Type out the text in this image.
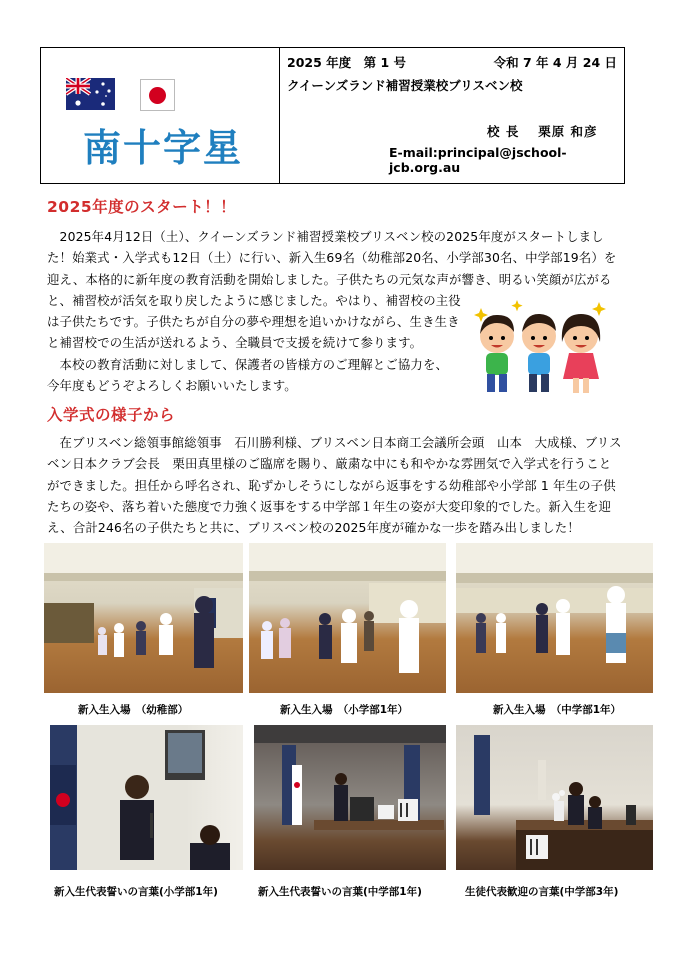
南十字星
2025 年度　第 1 号	令和 7 年 4 月 24 日
クイーンズランド補習授業校ブリスベン校
校 長　 栗原 和彦
E-mail:principal@jschool-jcb.org.au
2025年度のスタート！！

　2025年4月12日（土）、クイーンズランド補習授業校ブリスベン校の2025年度がスタートしまし

た！始業式・入学式も12日（土）に行い、新入生69名（幼稚部20名、小学部30名、中学部19名）を

迎え、本格的に新年度の教育活動を開始しました。子供たちの元気な声が響き、明るい笑顔が広がる

と、補習校が活気を取り戻したように感じました。やはり、補習校の主役

は子供たちです。子供たちが自分の夢や理想を追いかけながら、生き生き

と補習校での生活が送れるよう、全職員で支援を続けて参ります。

　本校の教育活動に対しまして、保護者の皆様方のご理解とご協力を、

今年度もどうぞよろしくお願いいたします。

入学式の様子から

　在ブリスベン総領事館総領事　石川勝利様、ブリスベン日本商工会議所会頭　山本　大成様、ブリス

ベン日本クラブ会長　栗田真里様のご臨席を賜り、厳粛な中にも和やかな雰囲気で入学式を行うこと

ができました。担任から呼名され、恥ずかしそうにしながら返事をする幼稚部や小学部 1 年生の子供

たちの姿や、落ち着いた態度で力強く返事をする中学部１年生の姿が大変印象的でした。新入生を迎

え、合計246名の子供たちと共に、ブリスベン校の2025年度が確かな一歩を踏み出しました！

新入生入場　（幼稚部）	新入生入場　（小学部1年）	新入生入場　（中学部1年）
新入生代表誓いの言葉(小学部1年)	新入生代表誓いの言葉(中学部1年)	生徒代表歓迎の言葉(中学部3年)
